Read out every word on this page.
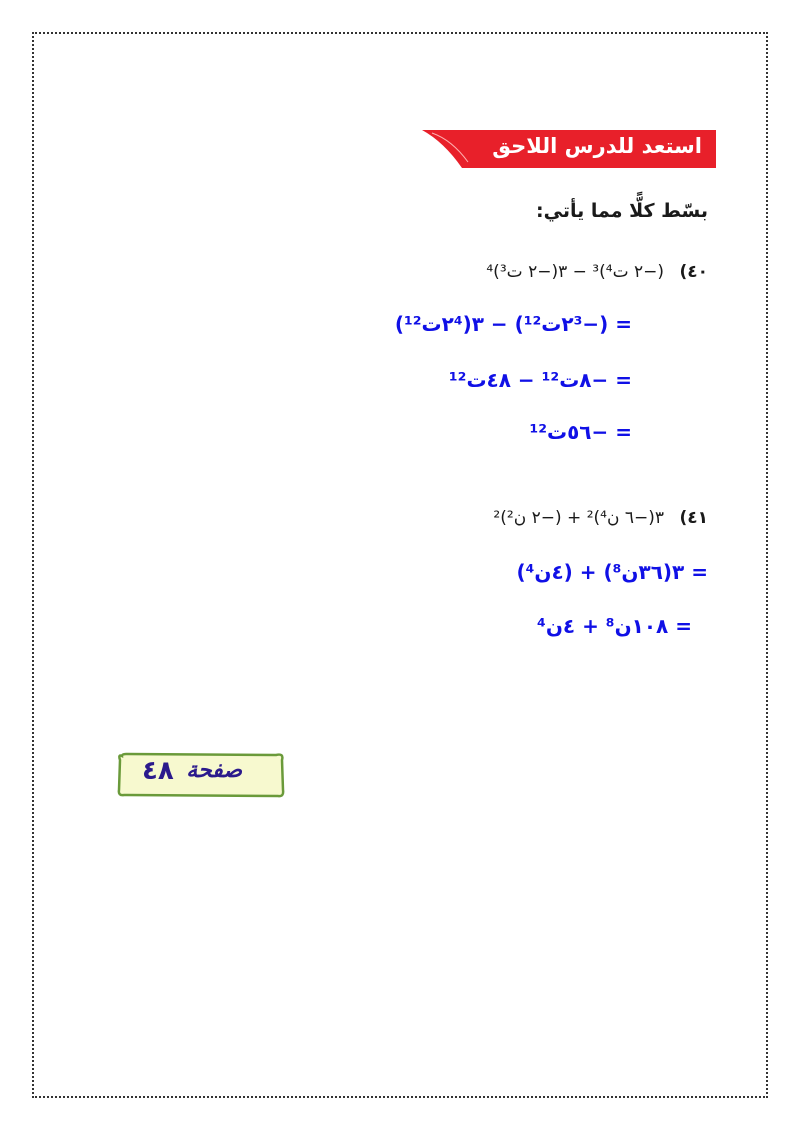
استعد للدرس اللاحق
بسّط كلًّا مما يأتي:
٤٠) (−٢ ت⁴)³ − ٣(−٢ ت³)⁴
= (−٢³ت¹²) − ٣(٢⁴ت¹²)
= −٨ت¹² − ٤٨ت¹²
= −٥٦ت¹²
٤١) ٣(−٦ ن⁴)² + (−٢ ن²)²
= ٣(٣٦ن⁸) + (٤ن⁴)
= ١٠٨ن⁸ + ٤ن⁴
صفحة
٤٨
